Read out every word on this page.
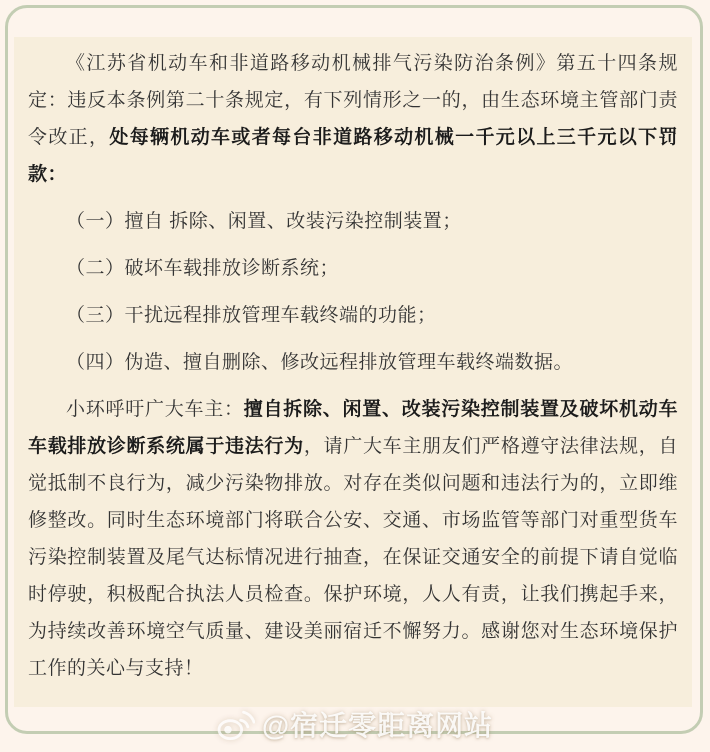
《江苏省机动车和非道路移动机械排气污染防治条例》第五十四条规定：违反本条例第二十条规定，有下列情形之一的，由生态环境主管部门责令改正，处每辆机动车或者每台非道路移动机械一千元以上三千元以下罚款：

（一）擅自 拆除、闲置、改装污染控制装置；

（二）破坏车载排放诊断系统；

（三）干扰远程排放管理车载终端的功能；

（四）伪造、擅自删除、修改远程排放管理车载终端数据。

小环呼吁广大车主：擅自拆除、闲置、改装污染控制装置及破坏机动车车载排放诊断系统属于违法行为，请广大车主朋友们严格遵守法律法规，自觉抵制不良行为，减少污染物排放。对存在类似问题和违法行为的，立即维修整改。同时生态环境部门将联合公安、交通、市场监管等部门对重型货车污染控制装置及尾气达标情况进行抽查，在保证交通安全的前提下请自觉临时停驶，积极配合执法人员检查。保护环境，人人有责，让我们携起手来，为持续改善环境空气质量、建设美丽宿迁不懈努力。感谢您对生态环境保护工作的关心与支持！

@宿迁零距离网站
